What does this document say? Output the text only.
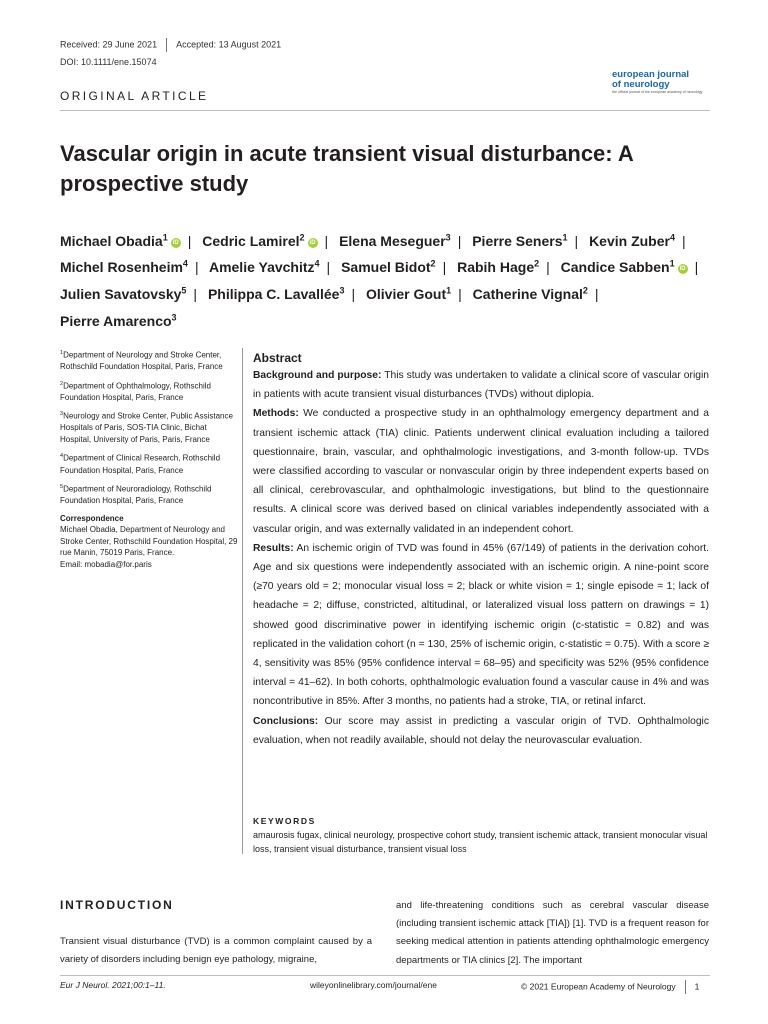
Received: 29 June 2021 Accepted: 13 August 2021
DOI: 10.1111/ene.15074
european journal
of neurology
the official journal of the european academy of neurology
ORIGINAL ARTICLE
Vascular origin in acute transient visual disturbance: A prospective study
Michael Obadia$^1$iD | Cedric Lamirel$^2$iD | Elena Meseguer$^3$ | Pierre Seners$^1$ | Kevin Zuber$^4$ | Michel Rosenheim$^4$ | Amelie Yavchitz$^4$ | Samuel Bidot$^2$ | Rabih Hage$^2$ | Candice Sabben$^1$iD | Julien Savatovsky$^5$ | Philippa C. Lavallée$^3$ | Olivier Gout$^1$ | Catherine Vignal$^2$ | Pierre Amarenco$^3$

$^1$Department of Neurology and Stroke Center, Rothschild Foundation Hospital, Paris, France

$^2$Department of Ophthalmology, Rothschild Foundation Hospital, Paris, France

$^3$Neurology and Stroke Center, Public Assistance Hospitals of Paris, SOS-TIA Clinic, Bichat Hospital, University of Paris, Paris, France

$^4$Department of Clinical Research, Rothschild Foundation Hospital, Paris, France

$^5$Department of Neuroradiology, Rothschild Foundation Hospital, Paris, France

Correspondence

Michael Obadia, Department of Neurology and Stroke Center, Rothschild Foundation Hospital, 29 rue Manin, 75019 Paris, France.

Email: mobadia@for.paris

Abstract

Background and purpose: This study was undertaken to validate a clinical score of vascular origin in patients with acute transient visual disturbances (TVDs) without diplopia.

Methods: We conducted a prospective study in an ophthalmology emergency department and a transient ischemic attack (TIA) clinic. Patients underwent clinical evaluation including a tailored questionnaire, brain, vascular, and ophthalmologic investigations, and 3-month follow-up. TVDs were classified according to vascular or nonvascular origin by three independent experts based on all clinical, cerebrovascular, and ophthalmologic investigations, but blind to the questionnaire results. A clinical score was derived based on clinical variables independently associated with a vascular origin, and was externally validated in an independent cohort.

Results: An ischemic origin of TVD was found in 45% (67/149) of patients in the derivation cohort. Age and six questions were independently associated with an ischemic origin. A nine-point score (≥70 years old = 2; monocular visual loss = 2; black or white vision = 1; single episode = 1; lack of headache = 2; diffuse, constricted, altitudinal, or lateralized visual loss pattern on drawings = 1) showed good discriminative power in identifying ischemic origin (c-statistic = 0.82) and was replicated in the validation cohort (n = 130, 25% of ischemic origin, c-statistic = 0.75). With a score ≥ 4, sensitivity was 85% (95% confidence interval = 68–95) and specificity was 52% (95% confidence interval = 41–62). In both cohorts, ophthalmologic evaluation found a vascular cause in 4% and was noncontributive in 85%. After 3 months, no patients had a stroke, TIA, or retinal infarct.

Conclusions: Our score may assist in predicting a vascular origin of TVD. Ophthalmologic evaluation, when not readily available, should not delay the neurovascular evaluation.

KEYWORDS
amaurosis fugax, clinical neurology, prospective cohort study, transient ischemic attack, transient monocular visual loss, transient visual disturbance, transient visual loss
INTRODUCTION
Transient visual disturbance (TVD) is a common complaint caused by a variety of disorders including benign eye pathology, migraine,
and life-threatening conditions such as cerebral vascular disease (including transient ischemic attack [TIA]) [1]. TVD is a frequent reason for seeking medical attention in patients attending ophthalmologic emergency departments or TIA clinics [2]. The important
Eur J Neurol. 2021;00:1–11.	wileyonlinelibrary.com/journal/ene	© 2021 European Academy of Neurology 1
